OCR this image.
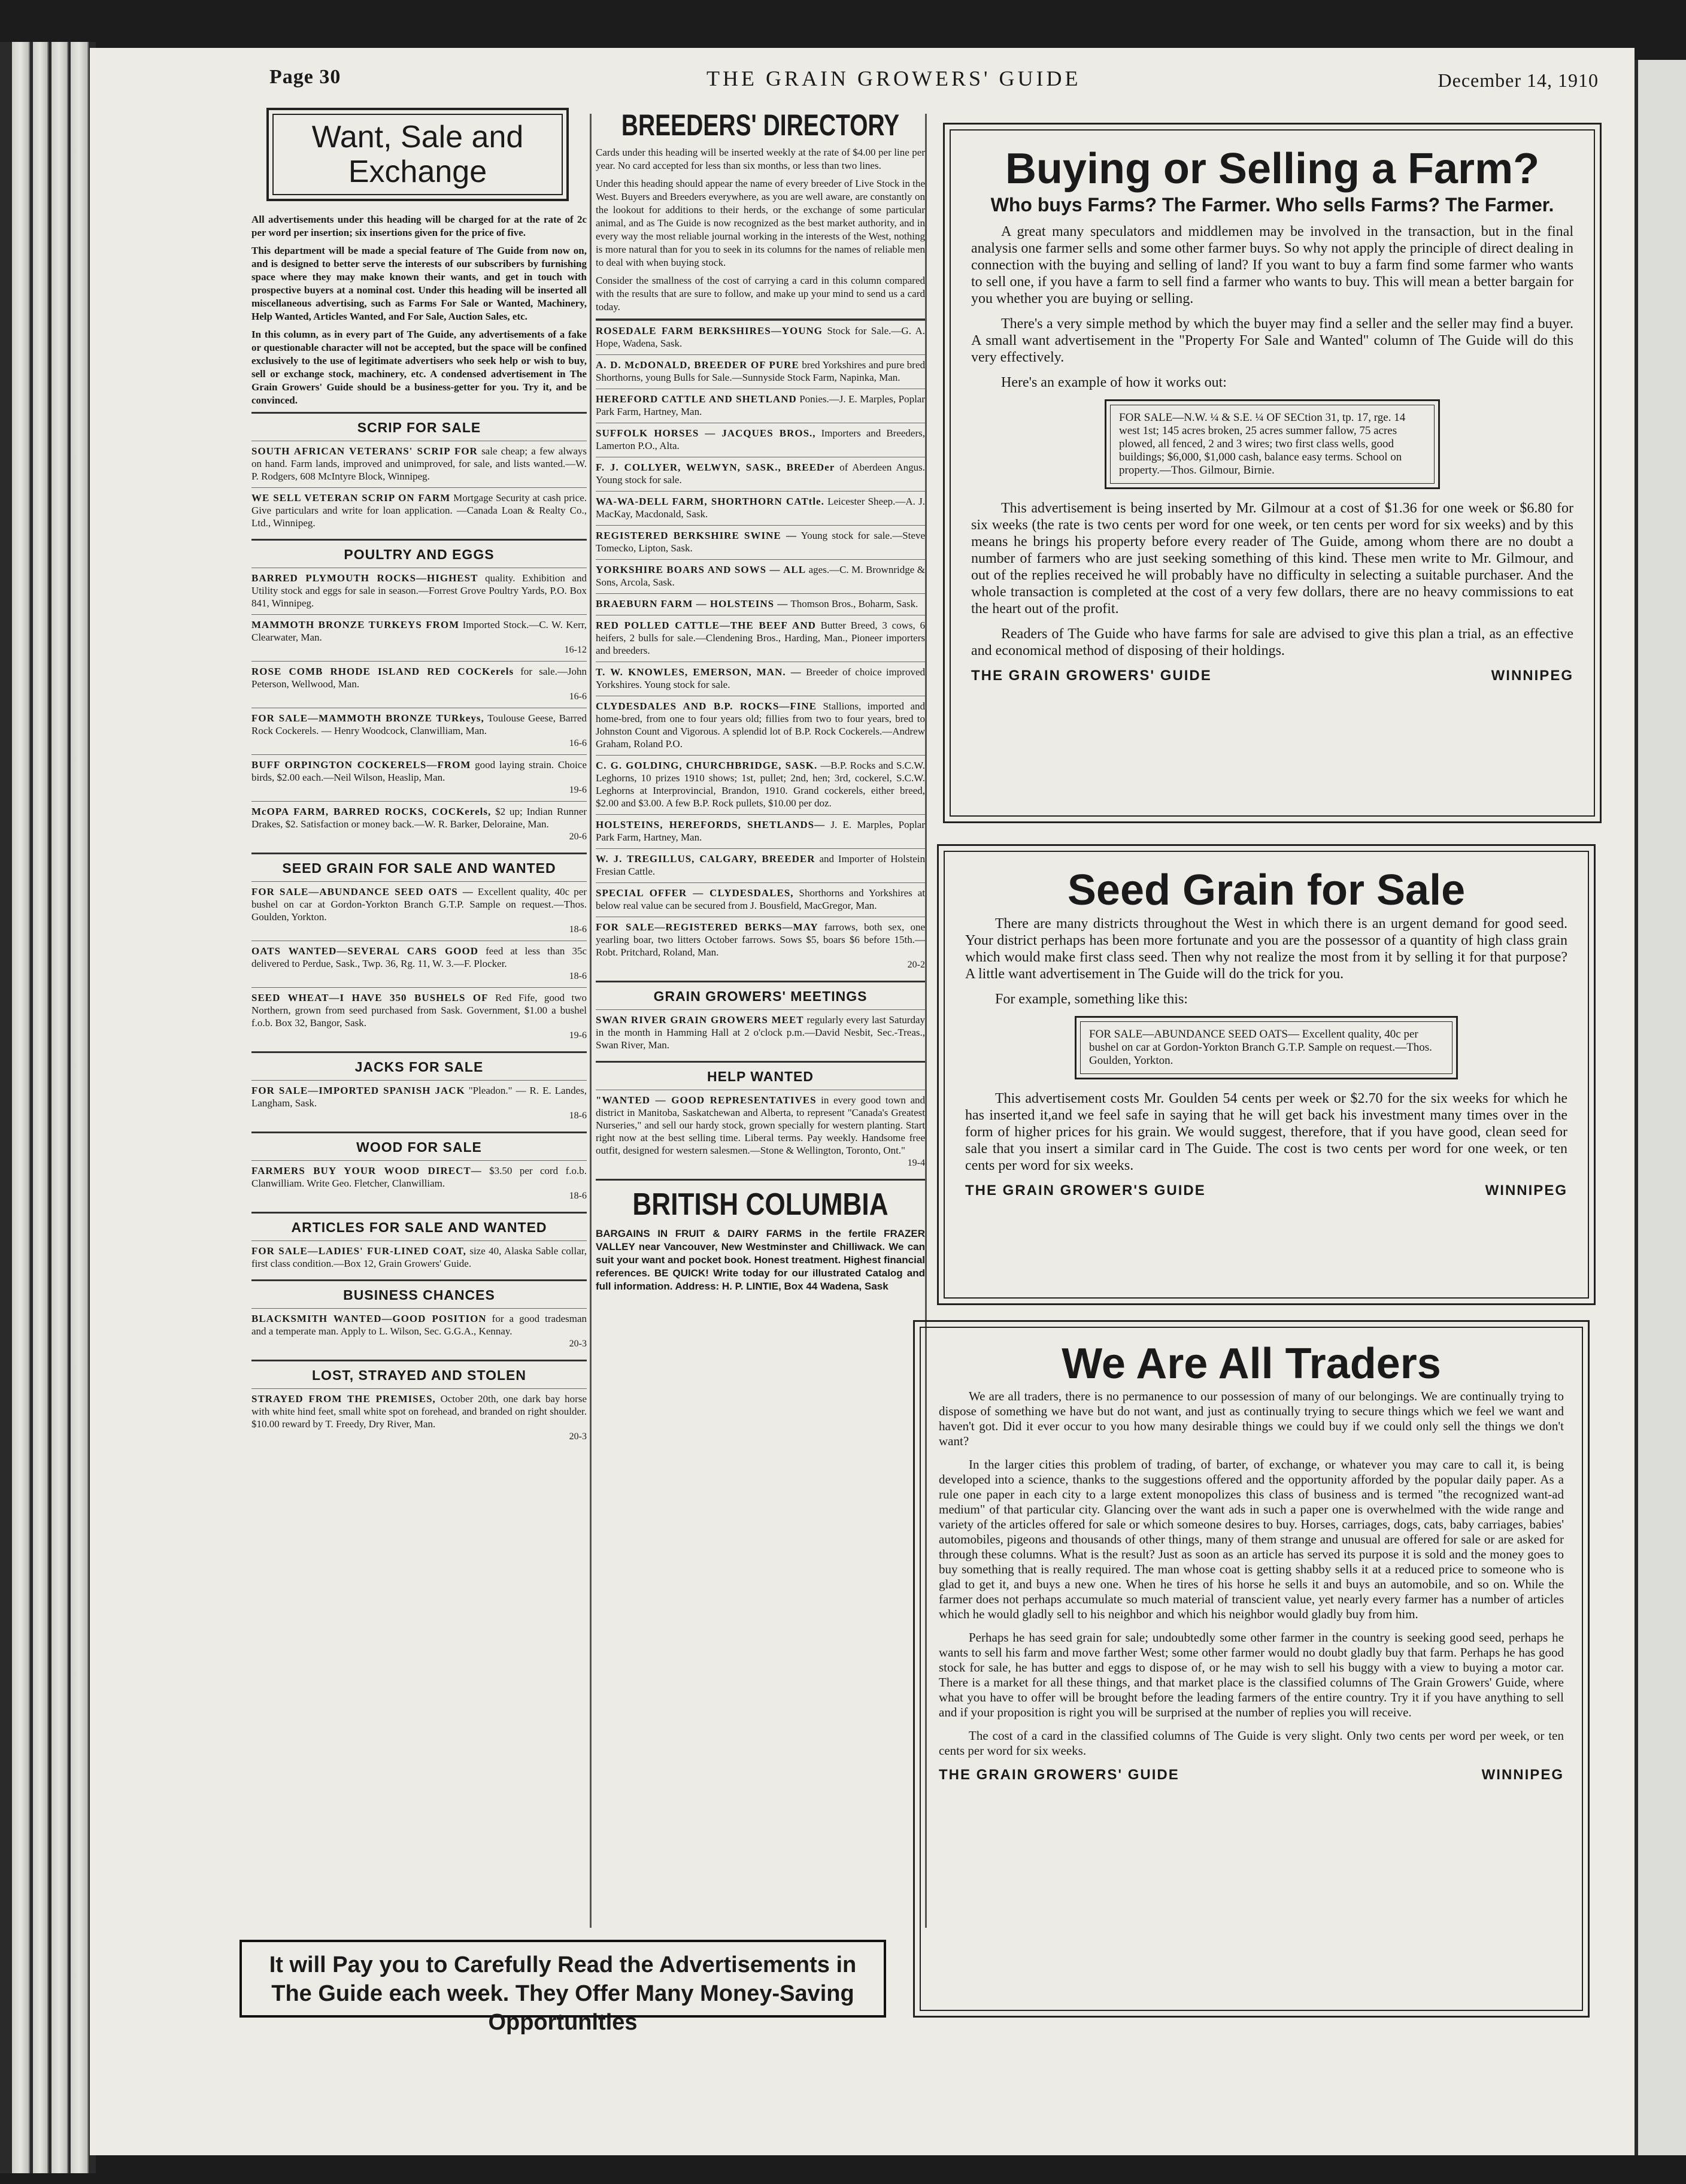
Page 30	THE GRAIN GROWERS' GUIDE	December 14, 1910
Want, Sale and Exchange

All advertisements under this heading will be charged for at the rate of 2c per word per insertion; six insertions given for the price of five.

This department will be made a special feature of The Guide from now on, and is designed to better serve the interests of our subscribers by furnishing space where they may make known their wants, and get in touch with prospective buyers at a nominal cost. Under this heading will be inserted all miscellaneous advertising, such as Farms For Sale or Wanted, Machinery, Help Wanted, Articles Wanted, and For Sale, Auction Sales, etc.

In this column, as in every part of The Guide, any advertisements of a fake or questionable character will not be accepted, but the space will be confined exclusively to the use of legitimate advertisers who seek help or wish to buy, sell or exchange stock, machinery, etc. A condensed advertisement in The Grain Growers' Guide should be a business-getter for you. Try it, and be convinced.

SCRIP FOR SALE
SOUTH AFRICAN VETERANS' SCRIP FOR sale cheap; a few always on hand. Farm lands, improved and unimproved, for sale, and lists wanted.—W. P. Rodgers, 608 McIntyre Block, Winnipeg.
WE SELL VETERAN SCRIP ON FARM Mortgage Security at cash price. Give particulars and write for loan application. —Canada Loan & Realty Co., Ltd., Winnipeg.
POULTRY AND EGGS
BARRED PLYMOUTH ROCKS—HIGHEST quality. Exhibition and Utility stock and eggs for sale in season.—Forrest Grove Poultry Yards, P.O. Box 841, Winnipeg.
MAMMOTH BRONZE TURKEYS FROM Imported Stock.—C. W. Kerr, Clearwater, Man.
16-12
ROSE COMB RHODE ISLAND RED COCKerels for sale.—John Peterson, Wellwood, Man.
16-6
FOR SALE—MAMMOTH BRONZE TURkeys, Toulouse Geese, Barred Rock Cockerels. — Henry Woodcock, Clanwilliam, Man.
16-6
BUFF ORPINGTON COCKERELS—FROM good laying strain. Choice birds, $2.00 each.—Neil Wilson, Heaslip, Man.
19-6
McOPA FARM, BARRED ROCKS, COCKerels, $2 up; Indian Runner Drakes, $2. Satisfaction or money back.—W. R. Barker, Deloraine, Man.
20-6
SEED GRAIN FOR SALE AND WANTED
FOR SALE—ABUNDANCE SEED OATS — Excellent quality, 40c per bushel on car at Gordon-Yorkton Branch G.T.P. Sample on request.—Thos. Goulden, Yorkton.
18-6
OATS WANTED—SEVERAL CARS GOOD feed at less than 35c delivered to Perdue, Sask., Twp. 36, Rg. 11, W. 3.—F. Plocker.
18-6
SEED WHEAT—I HAVE 350 BUSHELS OF Red Fife, good two Northern, grown from seed purchased from Sask. Government, $1.00 a bushel f.o.b. Box 32, Bangor, Sask.
19-6
JACKS FOR SALE
FOR SALE—IMPORTED SPANISH JACK "Pleadon." — R. E. Landes, Langham, Sask.
18-6
WOOD FOR SALE
FARMERS BUY YOUR WOOD DIRECT— $3.50 per cord f.o.b. Clanwilliam. Write Geo. Fletcher, Clanwilliam.
18-6
ARTICLES FOR SALE AND WANTED
FOR SALE—LADIES' FUR-LINED COAT, size 40, Alaska Sable collar, first class condition.—Box 12, Grain Growers' Guide.
BUSINESS CHANCES
BLACKSMITH WANTED—GOOD POSITION for a good tradesman and a temperate man. Apply to L. Wilson, Sec. G.G.A., Kennay.
20-3
LOST, STRAYED AND STOLEN
STRAYED FROM THE PREMISES, October 20th, one dark bay horse with white hind feet, small white spot on forehead, and branded on right shoulder. $10.00 reward by T. Freedy, Dry River, Man.
20-3
BREEDERS' DIRECTORY

Cards under this heading will be inserted weekly at the rate of $4.00 per line per year. No card accepted for less than six months, or less than two lines.

Under this heading should appear the name of every breeder of Live Stock in the West. Buyers and Breeders everywhere, as you are well aware, are constantly on the lookout for additions to their herds, or the exchange of some particular animal, and as The Guide is now recognized as the best market authority, and in every way the most reliable journal working in the interests of the West, nothing is more natural than for you to seek in its columns for the names of reliable men to deal with when buying stock.

Consider the smallness of the cost of carrying a card in this column compared with the results that are sure to follow, and make up your mind to send us a card today.

ROSEDALE FARM BERKSHIRES—YOUNG Stock for Sale.—G. A. Hope, Wadena, Sask.
A. D. McDONALD, BREEDER OF PURE bred Yorkshires and pure bred Shorthorns, young Bulls for Sale.—Sunnyside Stock Farm, Napinka, Man.
HEREFORD CATTLE AND SHETLAND Ponies.—J. E. Marples, Poplar Park Farm, Hartney, Man.
SUFFOLK HORSES — JACQUES BROS., Importers and Breeders, Lamerton P.O., Alta.
F. J. COLLYER, WELWYN, SASK., BREEDer of Aberdeen Angus. Young stock for sale.
WA-WA-DELL FARM, SHORTHORN CATtle. Leicester Sheep.—A. J. MacKay, Macdonald, Sask.
REGISTERED BERKSHIRE SWINE — Young stock for sale.—Steve Tomecko, Lipton, Sask.
YORKSHIRE BOARS AND SOWS — ALL ages.—C. M. Brownridge & Sons, Arcola, Sask.
BRAEBURN FARM — HOLSTEINS — Thomson Bros., Boharm, Sask.
RED POLLED CATTLE—THE BEEF AND Butter Breed, 3 cows, 6 heifers, 2 bulls for sale.—Clendening Bros., Harding, Man., Pioneer importers and breeders.
T. W. KNOWLES, EMERSON, MAN. — Breeder of choice improved Yorkshires. Young stock for sale.
CLYDESDALES AND B.P. ROCKS—FINE Stallions, imported and home-bred, from one to four years old; fillies from two to four years, bred to Johnston Count and Vigorous. A splendid lot of B.P. Rock Cockerels.—Andrew Graham, Roland P.O.
C. G. GOLDING, CHURCHBRIDGE, SASK. —B.P. Rocks and S.C.W. Leghorns, 10 prizes 1910 shows; 1st, pullet; 2nd, hen; 3rd, cockerel, S.C.W. Leghorns at Interprovincial, Brandon, 1910. Grand cockerels, either breed, $2.00 and $3.00. A few B.P. Rock pullets, $10.00 per doz.
HOLSTEINS, HEREFORDS, SHETLANDS— J. E. Marples, Poplar Park Farm, Hartney, Man.
W. J. TREGILLUS, CALGARY, BREEDER and Importer of Holstein Fresian Cattle.
SPECIAL OFFER — CLYDESDALES, Shorthorns and Yorkshires at below real value can be secured from J. Bousfield, MacGregor, Man.
FOR SALE—REGISTERED BERKS—MAY farrows, both sex, one yearling boar, two litters October farrows. Sows $5, boars $6 before 15th.—Robt. Pritchard, Roland, Man.
20-2
GRAIN GROWERS' MEETINGS
SWAN RIVER GRAIN GROWERS MEET regularly every last Saturday in the month in Hamming Hall at 2 o'clock p.m.—David Nesbit, Sec.-Treas., Swan River, Man.
HELP WANTED
"WANTED — GOOD REPRESENTATIVES in every good town and district in Manitoba, Saskatchewan and Alberta, to represent "Canada's Greatest Nurseries," and sell our hardy stock, grown specially for western planting. Start right now at the best selling time. Liberal terms. Pay weekly. Handsome free outfit, designed for western salesmen.—Stone & Wellington, Toronto, Ont."
19-4
BRITISH COLUMBIA

BARGAINS IN FRUIT & DAIRY FARMS in the fertile FRAZER VALLEY near Vancouver, New Westminster and Chilliwack. We can suit your want and pocket book. Honest treatment. Highest financial references. BE QUICK! Write today for our illustrated Catalog and full information. Address: H. P. LINTIE, Box 44 Wadena, Sask

Buying or Selling a Farm?
Who buys Farms? The Farmer. Who sells Farms? The Farmer.

A great many speculators and middlemen may be involved in the transaction, but in the final analysis one farmer sells and some other farmer buys. So why not apply the principle of direct dealing in connection with the buying and selling of land? If you want to buy a farm find some farmer who wants to sell one, if you have a farm to sell find a farmer who wants to buy. This will mean a better bargain for you whether you are buying or selling.

There's a very simple method by which the buyer may find a seller and the seller may find a buyer. A small want advertisement in the "Property For Sale and Wanted" column of The Guide will do this very effectively.

Here's an example of how it works out:

FOR SALE—N.W. ¼ & S.E. ¼ OF SECtion 31, tp. 17, rge. 14 west 1st; 145 acres broken, 25 acres summer fallow, 75 acres plowed, all fenced, 2 and 3 wires; two first class wells, good buildings; $6,000, $1,000 cash, balance easy terms. School on property.—Thos. Gilmour, Birnie.

This advertisement is being inserted by Mr. Gilmour at a cost of $1.36 for one week or $6.80 for six weeks (the rate is two cents per word for one week, or ten cents per word for six weeks) and by this means he brings his property before every reader of The Guide, among whom there are no doubt a number of farmers who are just seeking something of this kind. These men write to Mr. Gilmour, and out of the replies received he will probably have no difficulty in selecting a suitable purchaser. And the whole transaction is completed at the cost of a very few dollars, there are no heavy commissions to eat the heart out of the profit.

Readers of The Guide who have farms for sale are advised to give this plan a trial, as an effective and economical method of disposing of their holdings.

THE GRAIN GROWERS' GUIDE	WINNIPEG
Seed Grain for Sale

There are many districts throughout the West in which there is an urgent demand for good seed. Your district perhaps has been more fortunate and you are the possessor of a quantity of high class grain which would make first class seed. Then why not realize the most from it by selling it for that purpose? A little want advertisement in The Guide will do the trick for you.

For example, something like this:

FOR SALE—ABUNDANCE SEED OATS— Excellent quality, 40c per bushel on car at Gordon-Yorkton Branch G.T.P. Sample on request.—Thos. Goulden, Yorkton.

This advertisement costs Mr. Goulden 54 cents per week or $2.70 for the six weeks for which he has inserted it,and we feel safe in saying that he will get back his investment many times over in the form of higher prices for his grain. We would suggest, therefore, that if you have good, clean seed for sale that you insert a similar card in The Guide. The cost is two cents per word for one week, or ten cents per word for six weeks.

THE GRAIN GROWER'S GUIDE	WINNIPEG
We Are All Traders

We are all traders, there is no permanence to our possession of many of our belongings. We are continually trying to dispose of something we have but do not want, and just as continually trying to secure things which we feel we want and haven't got. Did it ever occur to you how many desirable things we could buy if we could only sell the things we don't want?

In the larger cities this problem of trading, of barter, of exchange, or whatever you may care to call it, is being developed into a science, thanks to the suggestions offered and the opportunity afforded by the popular daily paper. As a rule one paper in each city to a large extent monopolizes this class of business and is termed "the recognized want-ad medium" of that particular city. Glancing over the want ads in such a paper one is overwhelmed with the wide range and variety of the articles offered for sale or which someone desires to buy. Horses, carriages, dogs, cats, baby carriages, babies' automobiles, pigeons and thousands of other things, many of them strange and unusual are offered for sale or are asked for through these columns. What is the result? Just as soon as an article has served its purpose it is sold and the money goes to buy something that is really required. The man whose coat is getting shabby sells it at a reduced price to someone who is glad to get it, and buys a new one. When he tires of his horse he sells it and buys an automobile, and so on. While the farmer does not perhaps accumulate so much material of transcient value, yet nearly every farmer has a number of articles which he would gladly sell to his neighbor and which his neighbor would gladly buy from him.

Perhaps he has seed grain for sale; undoubtedly some other farmer in the country is seeking good seed, perhaps he wants to sell his farm and move farther West; some other farmer would no doubt gladly buy that farm. Perhaps he has good stock for sale, he has butter and eggs to dispose of, or he may wish to sell his buggy with a view to buying a motor car. There is a market for all these things, and that market place is the classified columns of The Grain Growers' Guide, where what you have to offer will be brought before the leading farmers of the entire country. Try it if you have anything to sell and if your proposition is right you will be surprised at the number of replies you will receive.

The cost of a card in the classified columns of The Guide is very slight. Only two cents per word per week, or ten cents per word for six weeks.

THE GRAIN GROWERS' GUIDE	WINNIPEG
It will Pay you to Carefully Read the Advertisements in The Guide each week. They Offer Many Money-Saving Opportunities
